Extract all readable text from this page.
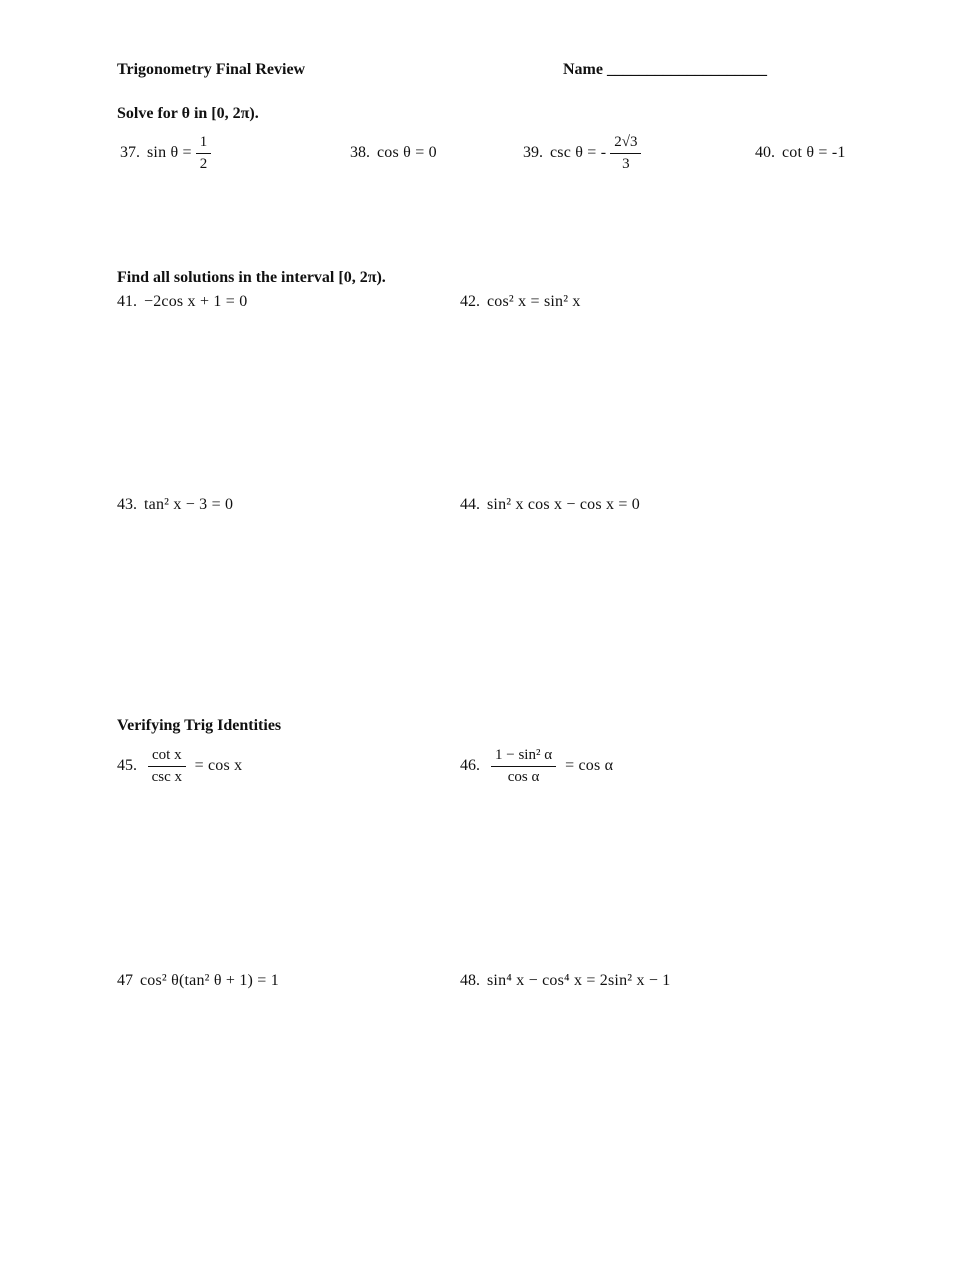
Trigonometry Final Review	Name ____________________
Solve for θ in [0, 2π).
37. $\sin \theta = \frac{1}{2}$	38. cos θ = 0	39. csc θ = - $\frac{2√3}{3}$	40. cot θ = -1
Find all solutions in the interval [0, 2π).
41. −2cos x + 1 = 0	42. cos² x = sin² x
43. tan² x − 3 = 0	44. sin² x cos x − cos x = 0
Verifying Trig Identities
45. $\frac{\text{cot x}}{\text{csc x}} = \cos x$	46. $\frac{\text{1 − sin² α}}{\text{cos α}} = \cos \alpha$
47 cos² θ(tan² θ + 1) = 1	48. sin⁴ x − cos⁴ x = 2sin² x − 1
